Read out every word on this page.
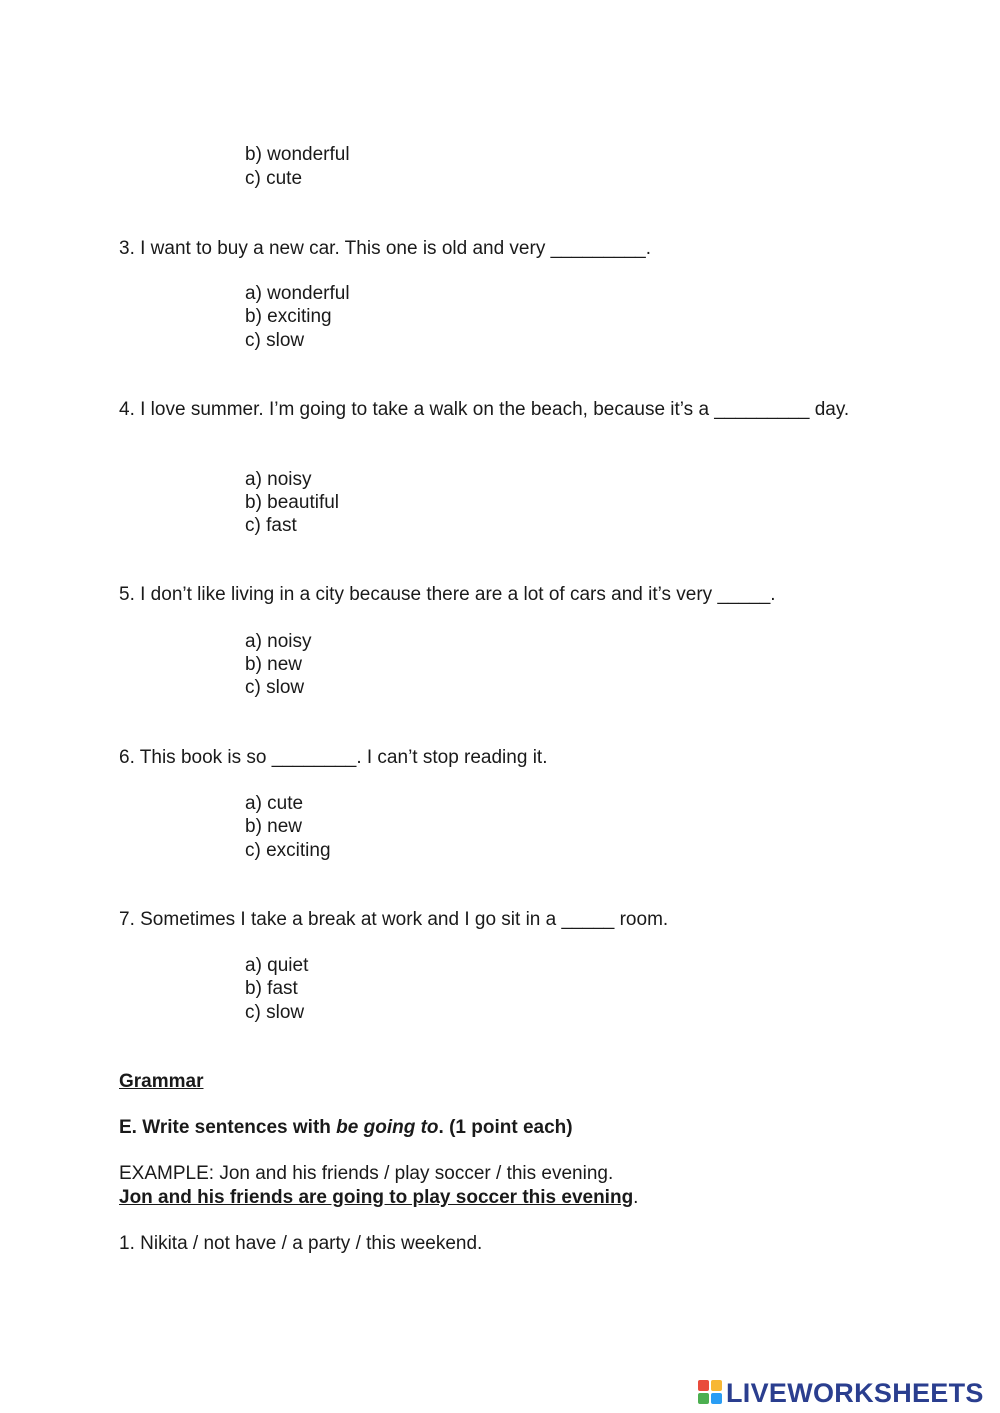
b) wonderful
c) cute
3. I want to buy a new car. This one is old and very _________.
a) wonderful
b) exciting
c) slow
4. I love summer. I’m going to take a walk on the beach, because it’s a _________ day.
a) noisy
b) beautiful
c) fast
5. I don’t like living in a city because there are a lot of cars and it’s very _____.
a) noisy
b) new
c) slow
6. This book is so ________. I can’t stop reading it.
a) cute
b) new
c) exciting
7. Sometimes I take a break at work and I go sit in a _____ room.
a) quiet
b) fast
c) slow
Grammar
E. Write sentences with be going to. (1 point each)
EXAMPLE: Jon and his friends / play soccer / this evening.
Jon and his friends are going to play soccer this evening.
1. Nikita / not have / a party / this weekend.
LIVEWORKSHEETS
